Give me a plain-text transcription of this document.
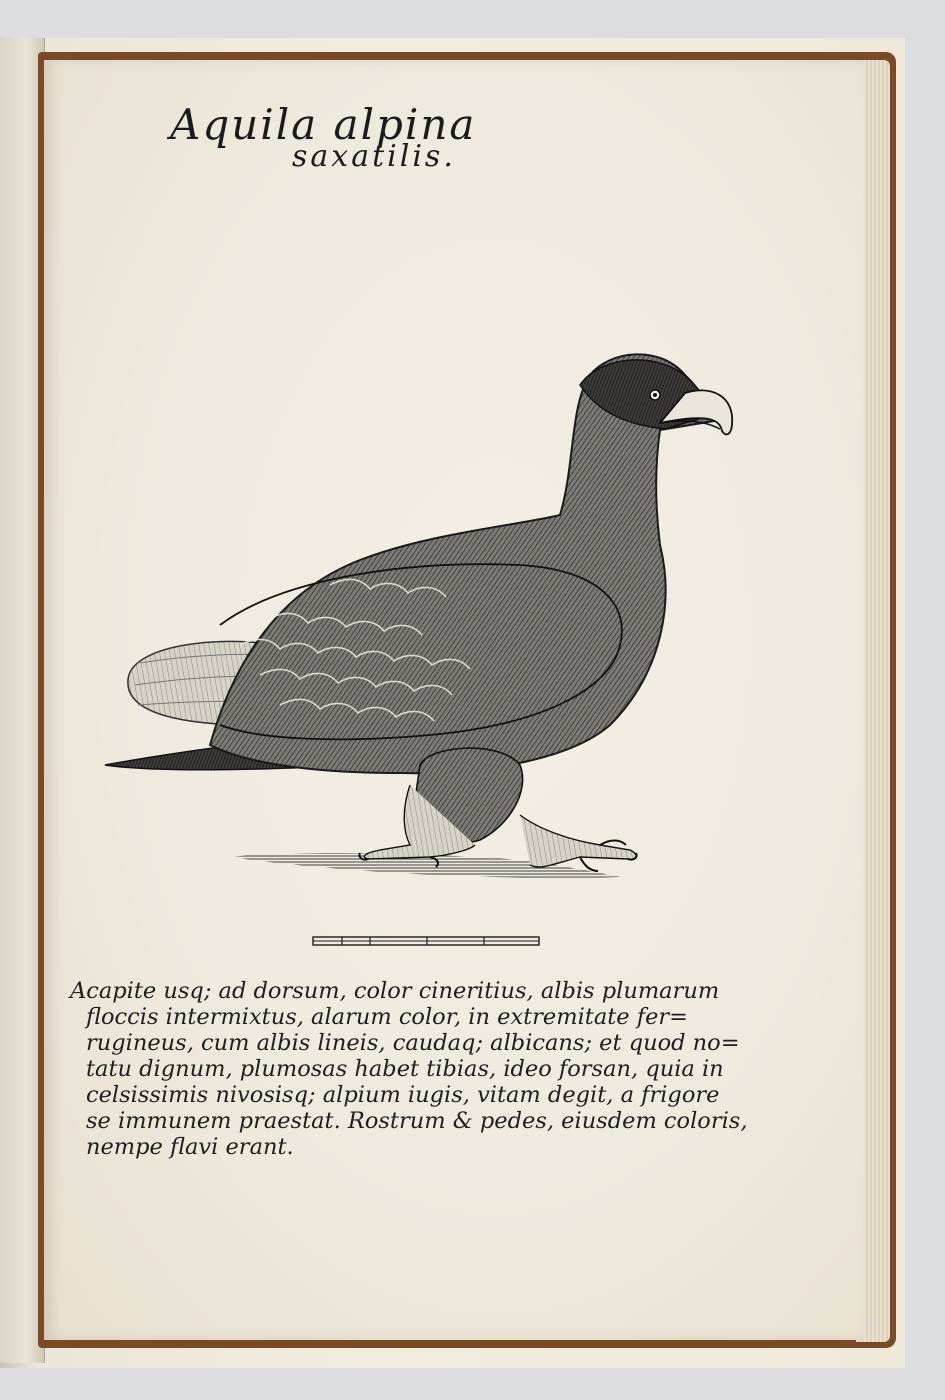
Aquila alpina
saxatilis.
Acapite usq; ad dorsum, color cineritius, albis plumarum
floccis intermixtus, alarum color, in extremitate fer=
rugineus, cum albis lineis, caudaq; albicans; et quod no=
tatu dignum, plumosas habet tibias, ideo forsan, quia in
celsissimis nivosisq; alpium iugis, vitam degit, a frigore
se immunem praestat. Rostrum & pedes, eiusdem coloris,
nempe flavi erant.
